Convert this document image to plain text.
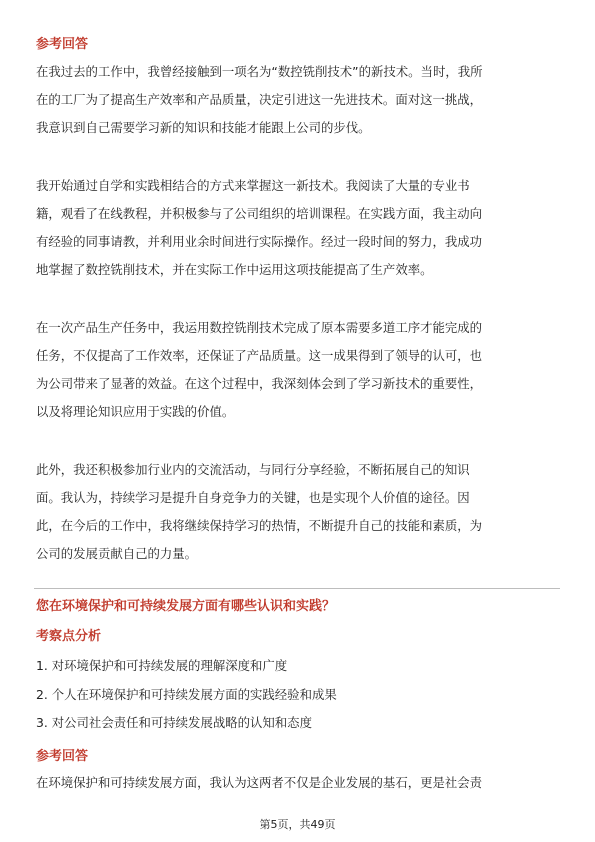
参考回答
在我过去的工作中，我曾经接触到一项名为“数控铣削技术”的新技术。当时，我所
在的工厂为了提高生产效率和产品质量，决定引进这一先进技术。面对这一挑战，
我意识到自己需要学习新的知识和技能才能跟上公司的步伐。
我开始通过自学和实践相结合的方式来掌握这一新技术。我阅读了大量的专业书
籍，观看了在线教程，并积极参与了公司组织的培训课程。在实践方面，我主动向
有经验的同事请教，并利用业余时间进行实际操作。经过一段时间的努力，我成功
地掌握了数控铣削技术，并在实际工作中运用这项技能提高了生产效率。
在一次产品生产任务中，我运用数控铣削技术完成了原本需要多道工序才能完成的
任务，不仅提高了工作效率，还保证了产品质量。这一成果得到了领导的认可，也
为公司带来了显著的效益。在这个过程中，我深刻体会到了学习新技术的重要性，
以及将理论知识应用于实践的价值。
此外，我还积极参加行业内的交流活动，与同行分享经验，不断拓展自己的知识
面。我认为，持续学习是提升自身竞争力的关键，也是实现个人价值的途径。因
此，在今后的工作中，我将继续保持学习的热情，不断提升自己的技能和素质，为
公司的发展贡献自己的力量。
您在环境保护和可持续发展方面有哪些认识和实践？
考察点分析
1. 对环境保护和可持续发展的理解深度和广度
2. 个人在环境保护和可持续发展方面的实践经验和成果
3. 对公司社会责任和可持续发展战略的认知和态度
参考回答
在环境保护和可持续发展方面，我认为这两者不仅是企业发展的基石，更是社会责
第5页，共49页
